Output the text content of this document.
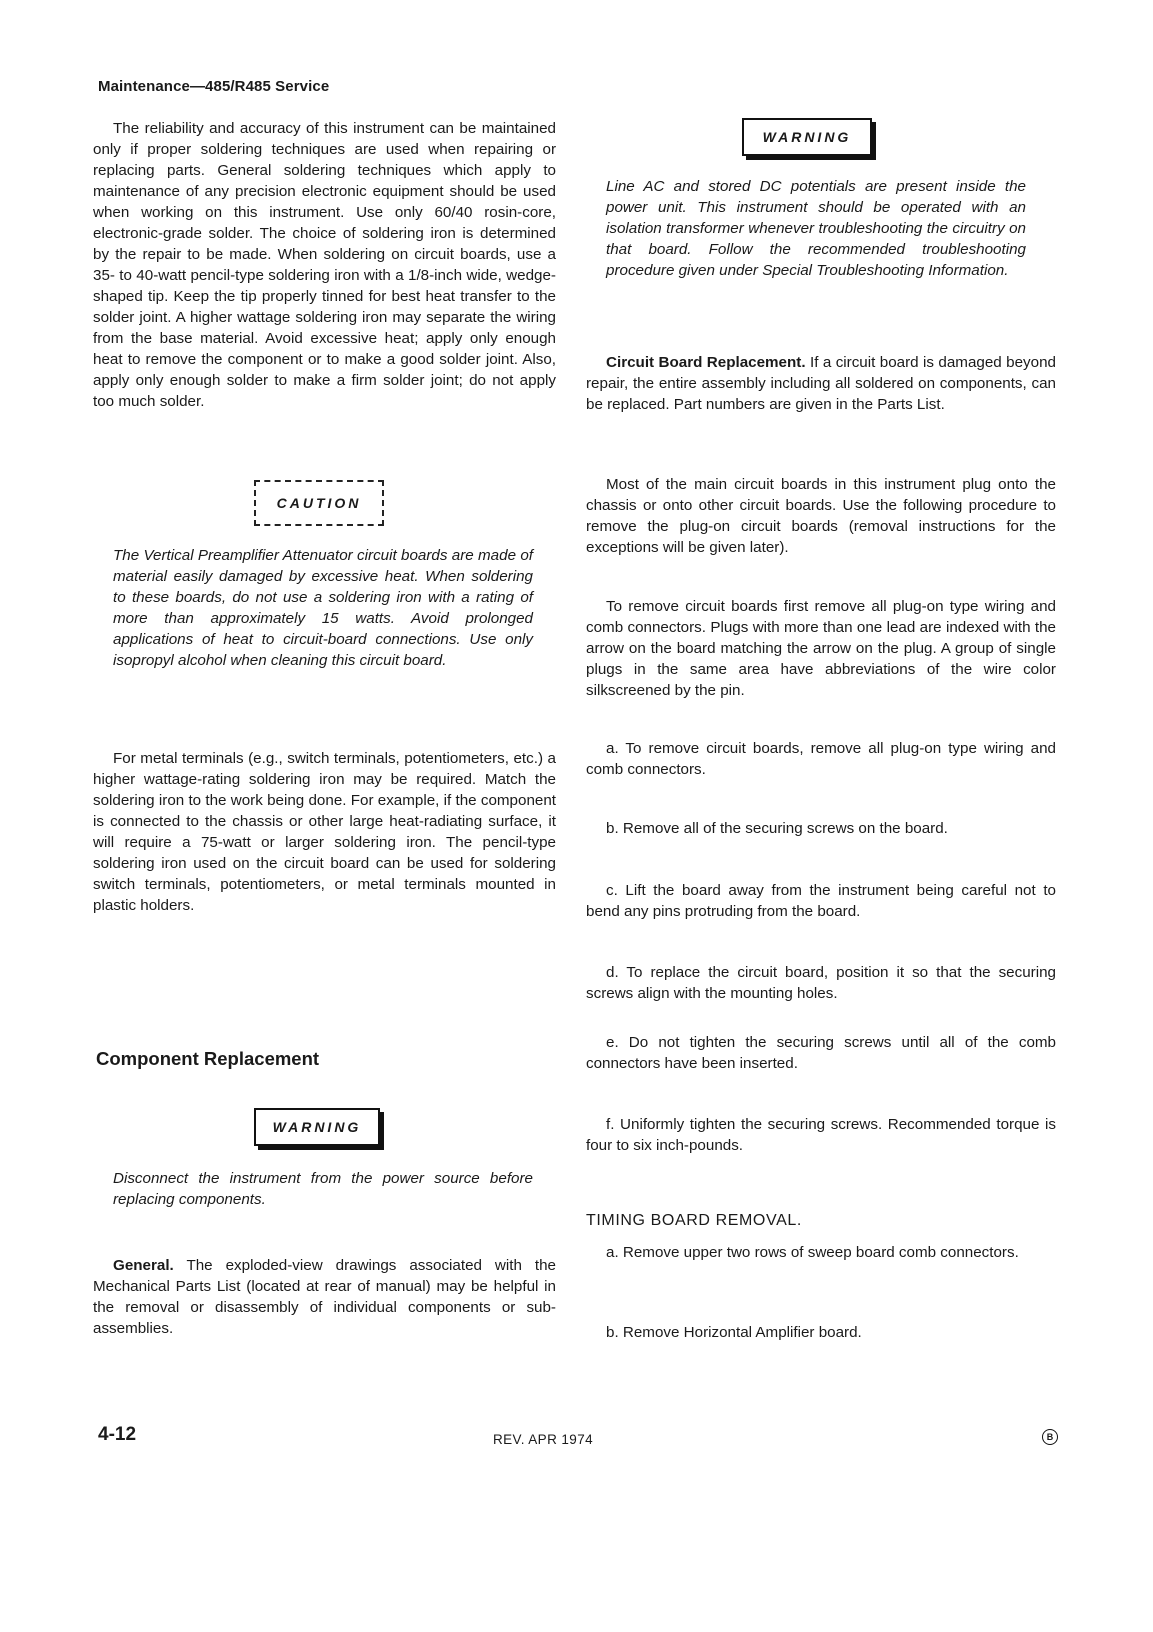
Maintenance—485/R485 Service

The reliability and accuracy of this instrument can be maintained only if proper soldering techniques are used when repairing or replacing parts. General soldering techniques which apply to maintenance of any precision electronic equipment should be used when working on this instrument. Use only 60/40 rosin-core, electronic-grade solder. The choice of soldering iron is determined by the repair to be made. When soldering on circuit boards, use a 35- to 40-watt pencil-type soldering iron with a 1/8-inch wide, wedge-shaped tip. Keep the tip properly tinned for best heat transfer to the solder joint. A higher wattage soldering iron may separate the wiring from the base material. Avoid excessive heat; apply only enough heat to remove the component or to make a good solder joint. Also, apply only enough solder to make a firm solder joint; do not apply too much solder.

CAUTION

The Vertical Preamplifier Attenuator circuit boards are made of material easily damaged by excessive heat. When soldering to these boards, do not use a soldering iron with a rating of more than approximately 15 watts. Avoid prolonged applications of heat to circuit-board connections. Use only isopropyl alcohol when cleaning this circuit board.

For metal terminals (e.g., switch terminals, potentiometers, etc.) a higher wattage-rating soldering iron may be required. Match the soldering iron to the work being done. For example, if the component is connected to the chassis or other large heat-radiating surface, it will require a 75-watt or larger soldering iron. The pencil-type soldering iron used on the circuit board can be used for soldering switch terminals, potentiometers, or metal terminals mounted in plastic holders.

Component Replacement
WARNING

Disconnect the instrument from the power source before replacing components.

General. The exploded-view drawings associated with the Mechanical Parts List (located at rear of manual) may be helpful in the removal or disassembly of individual components or sub-assemblies.

WARNING

Line AC and stored DC potentials are present inside the power unit. This instrument should be operated with an isolation transformer whenever troubleshooting the circuitry on that board. Follow the recommended troubleshooting procedure given under Special Troubleshooting Information.

Circuit Board Replacement. If a circuit board is damaged beyond repair, the entire assembly including all soldered on components, can be replaced. Part numbers are given in the Parts List.

Most of the main circuit boards in this instrument plug onto the chassis or onto other circuit boards. Use the following procedure to remove the plug-on circuit boards (removal instructions for the exceptions will be given later).

To remove circuit boards first remove all plug-on type wiring and comb connectors. Plugs with more than one lead are indexed with the arrow on the board matching the arrow on the plug. A group of single plugs in the same area have abbreviations of the wire color silkscreened by the pin.

a. To remove circuit boards, remove all plug-on type wiring and comb connectors.

b. Remove all of the securing screws on the board.

c. Lift the board away from the instrument being careful not to bend any pins protruding from the board.

d. To replace the circuit board, position it so that the securing screws align with the mounting holes.

e. Do not tighten the securing screws until all of the comb connectors have been inserted.

f. Uniformly tighten the securing screws. Recommended torque is four to six inch-pounds.

TIMING BOARD REMOVAL.

a. Remove upper two rows of sweep board comb connectors.

b. Remove Horizontal Amplifier board.

4-12	REV. APR 1974	B
